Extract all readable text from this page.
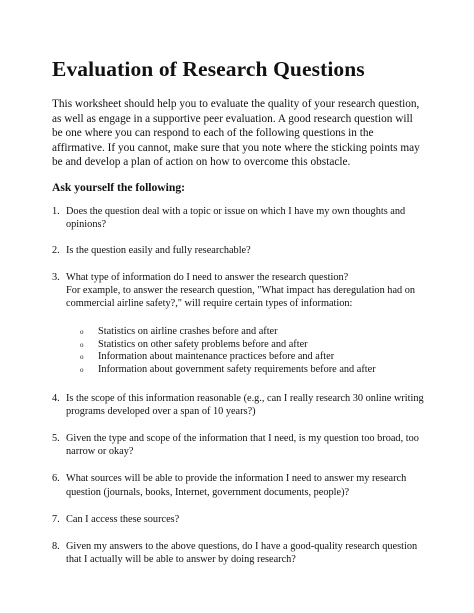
Evaluation of Research Questions

This worksheet should help you to evaluate the quality of your research question, as well as engage in a supportive peer evaluation. A good research question will be one where you can respond to each of the following questions in the affirmative. If you cannot, make sure that you note where the sticking points may be and develop a plan of action on how to overcome this obstacle.

Ask yourself the following:

1. Does the question deal with a topic or issue on which I have my own thoughts and opinions?
2. Is the question easily and fully researchable?
3. What type of information do I need to answer the research question?
For example, to answer the research question, "What impact has deregulation had on commercial airline safety?," will require certain types of information:
o Statistics on airline crashes before and after
o Statistics on other safety problems before and after
o Information about maintenance practices before and after
o Information about government safety requirements before and after
4. Is the scope of this information reasonable (e.g., can I really research 30 online writing programs developed over a span of 10 years?)
5. Given the type and scope of the information that I need, is my question too broad, too narrow or okay?
6. What sources will be able to provide the information I need to answer my research question (journals, books, Internet, government documents, people)?
7. Can I access these sources?
8. Given my answers to the above questions, do I have a good-quality research question that I actually will be able to answer by doing research?
